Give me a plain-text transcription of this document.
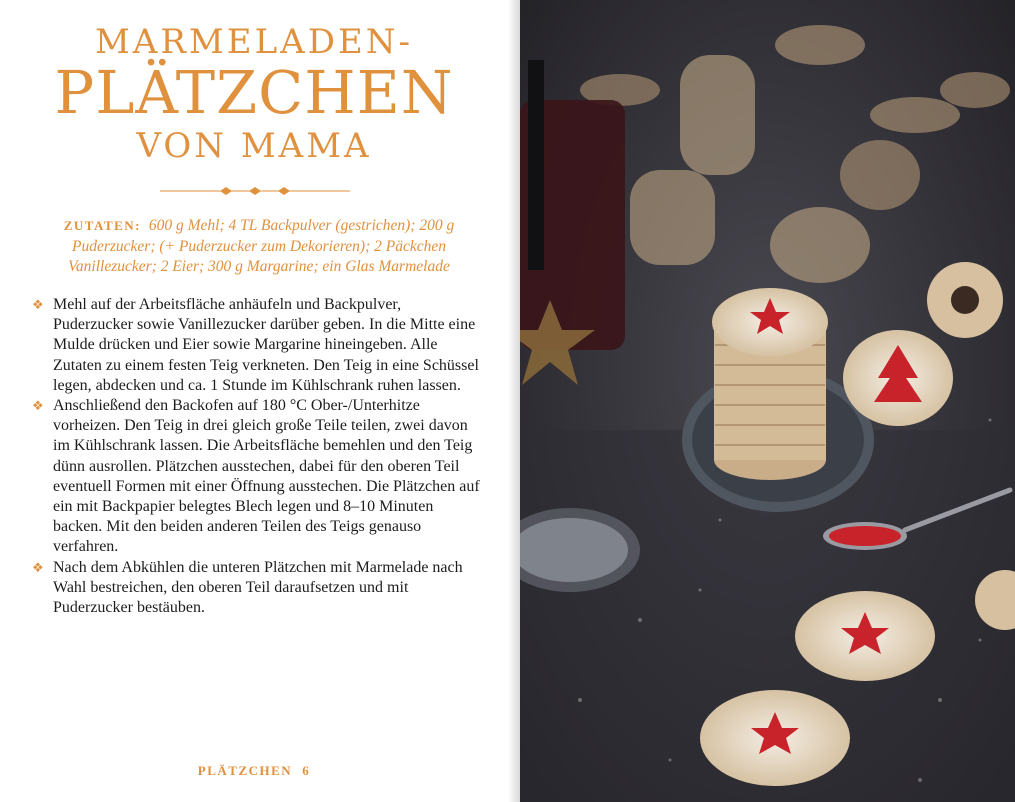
MARMELADEN-
PLÄTZCHEN
VON MAMA
ZUTATEN: 600 g Mehl; 4 TL Backpulver (gestrichen); 200 g Puderzucker; (+ Puderzucker zum Dekorieren); 2 Päckchen Vanillezucker; 2 Eier; 300 g Margarine; ein Glas Marmelade
❖ Mehl auf der Arbeitsfläche anhäufeln und Backpulver, Puderzucker sowie Vanillezucker darüber geben. In die Mitte eine Mulde drücken und Eier sowie Margarine hineingeben. Alle Zutaten zu einem festen Teig verkneten. Den Teig in eine Schüssel legen, abdecken und ca. 1 Stunde im Kühlschrank ruhen lassen.
❖ Anschließend den Backofen auf 180 °C Ober-/Unterhitze vorheizen. Den Teig in drei gleich große Teile teilen, zwei davon im Kühlschrank lassen. Die Arbeitsfläche bemehlen und den Teig dünn ausrollen. Plätzchen ausstechen, dabei für den oberen Teil eventuell Formen mit einer Öffnung ausstechen. Die Plätzchen auf ein mit Backpapier belegtes Blech legen und 8–10 Minuten backen. Mit den beiden anderen Teilen des Teigs genauso verfahren.
❖ Nach dem Abkühlen die unteren Plätzchen mit Marmelade nach Wahl bestreichen, den oberen Teil daraufsetzen und mit Puderzucker bestäuben.
PLÄTZCHEN 6
